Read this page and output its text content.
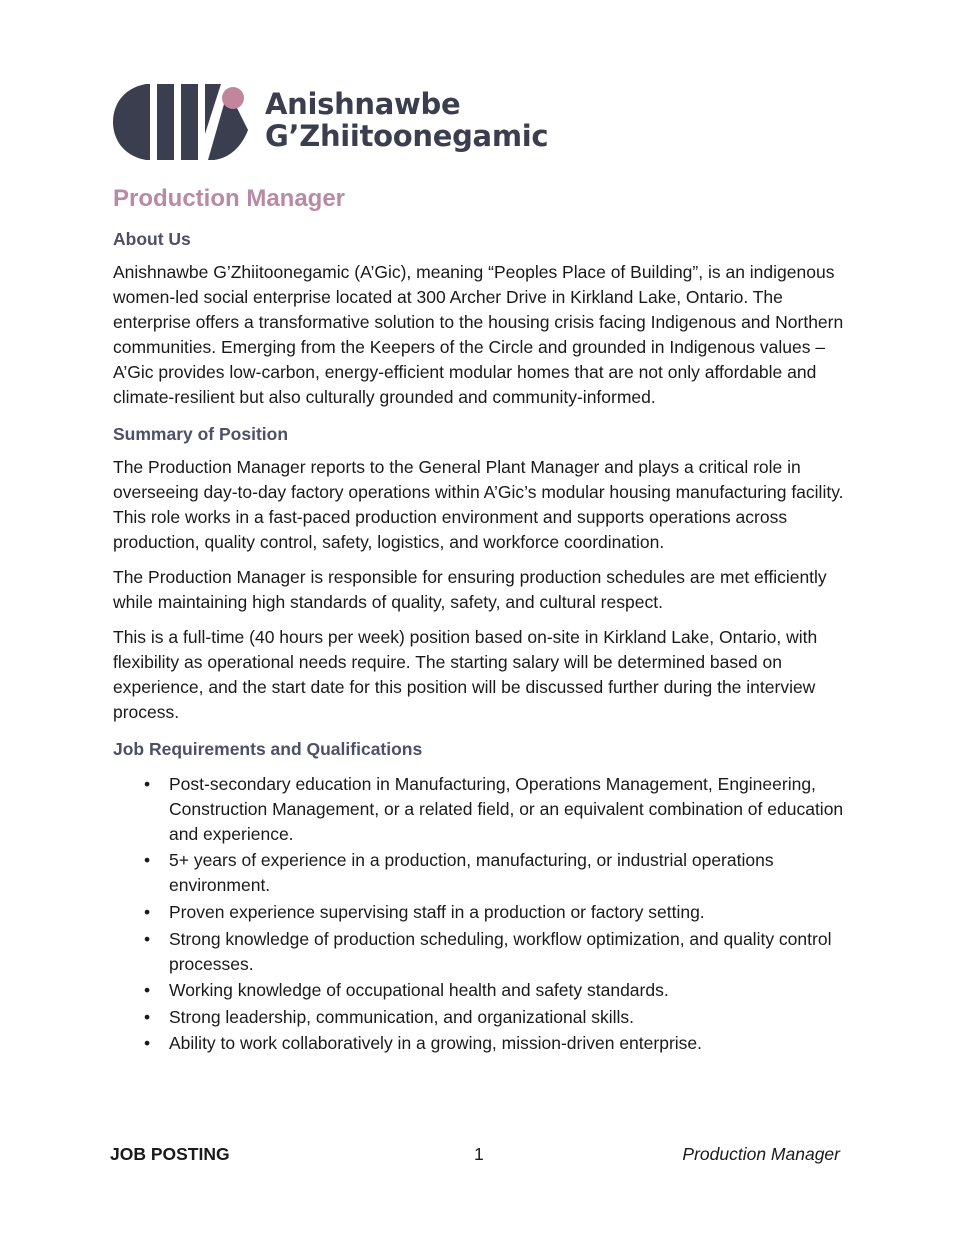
Anishnawbe
G’Zhiitoonegamic
Production Manager
About Us

Anishnawbe G’Zhiitoonegamic (A’Gic), meaning “Peoples Place of Building”, is an indigenous women-led social enterprise located at 300 Archer Drive in Kirkland Lake, Ontario. The enterprise offers a transformative solution to the housing crisis facing Indigenous and Northern communities. Emerging from the Keepers of the Circle and grounded in Indigenous values – A’Gic provides low-carbon, energy-efficient modular homes that are not only affordable and climate-resilient but also culturally grounded and community-informed.

Summary of Position

The Production Manager reports to the General Plant Manager and plays a critical role in overseeing day-to-day factory operations within A’Gic’s modular housing manufacturing facility. This role works in a fast-paced production environment and supports operations across production, quality control, safety, logistics, and workforce coordination.

The Production Manager is responsible for ensuring production schedules are met efficiently while maintaining high standards of quality, safety, and cultural respect.

This is a full-time (40 hours per week) position based on-site in Kirkland Lake, Ontario, with flexibility as operational needs require. The starting salary will be determined based on experience, and the start date for this position will be discussed further during the interview process.

Job Requirements and Qualifications
• Post-secondary education in Manufacturing, Operations Management, Engineering, Construction Management, or a related field, or an equivalent combination of education and experience.
• 5+ years of experience in a production, manufacturing, or industrial operations environment.
• Proven experience supervising staff in a production or factory setting.
• Strong knowledge of production scheduling, workflow optimization, and quality control processes.
• Working knowledge of occupational health and safety standards.
• Strong leadership, communication, and organizational skills.
• Ability to work collaboratively in a growing, mission-driven enterprise.
JOB POSTING	1	Production Manager
